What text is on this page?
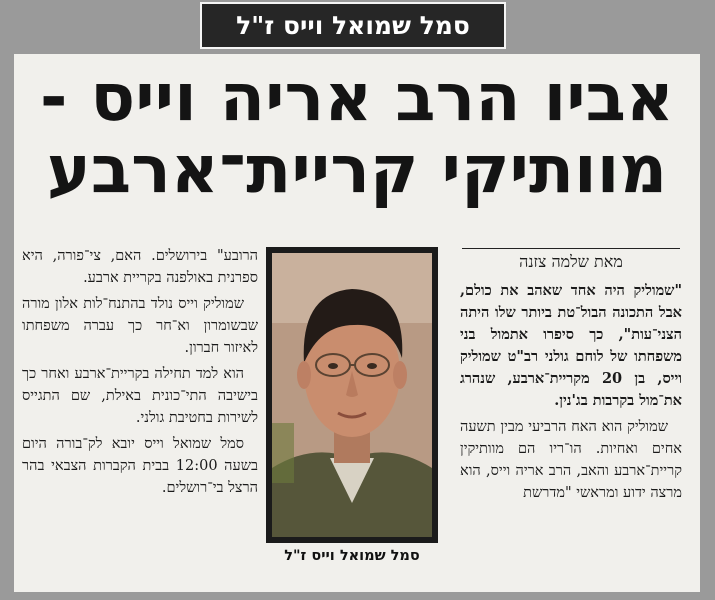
סמל שמואל וייס ז"ל
אביו הרב אריה וייס -
מוותיקי קריית־ארבע
מאת שלמה צזנה

"שמוליק היה אחד שאהב את כולם, אבל התכונה הבול־טת ביותר שלו היתה הצני־עות", כך סיפרו אתמול בני משפחתו של לוחם גולני רב"ט שמוליק וייס, בן 20 מקריית־ארבע, שנהרג את־מול בקרבות בג'נין.

שמוליק הוא האח הרביעי מבין תשעה אחים ואחיות. הו־ריו הם מוותיקין קריית־ארבע והאב, הרב אריה וייס, הוא מרצה ידוע ומראשי "מדרשת

סמל שמואל וייס ז"ל

הרובע" בירושלים. האם, צי־פורה, היא ספרנית באולפנה בקריית ארבע.

שמוליק וייס נולד בהתנח־לות אלון מורה שבשומרון וא־חר כך עברה משפחתו לאיזור חברון.

הוא למד תחילה בקריית־ארבע ואחר כך בישיבה התי־כונית באילת, שם התגייס לשירות בחטיבת גולני.

סמל שמואל וייס יובא לק־בורה היום בשעה 12:00 בבית הקברות הצבאי בהר הרצל בי־רושלים.
